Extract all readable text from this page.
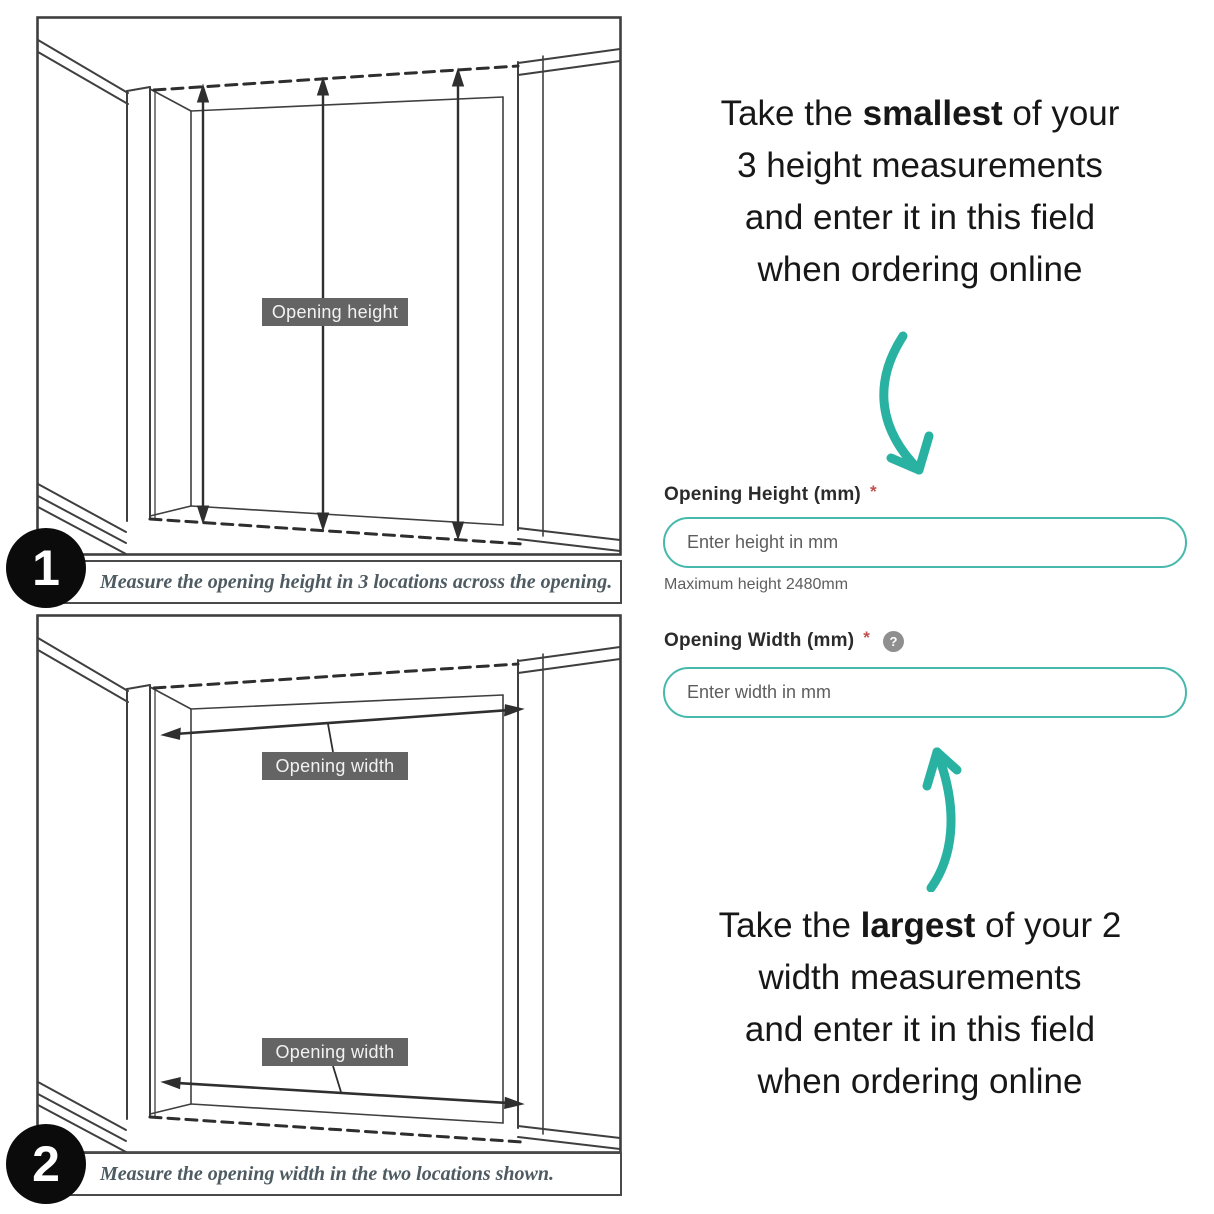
Opening height
Measure the opening height in 3 locations across the opening.
1
Opening width
Opening width
Measure the opening width in the two locations shown.
2

Take the smallest of your
3 height measurements
and enter it in this field
when ordering online

Opening Height (mm) *
Enter height in mm
Maximum height 2480mm
Opening Width (mm) *	?
Enter width in mm

Take the largest of your 2
width measurements
and enter it in this field
when ordering online
